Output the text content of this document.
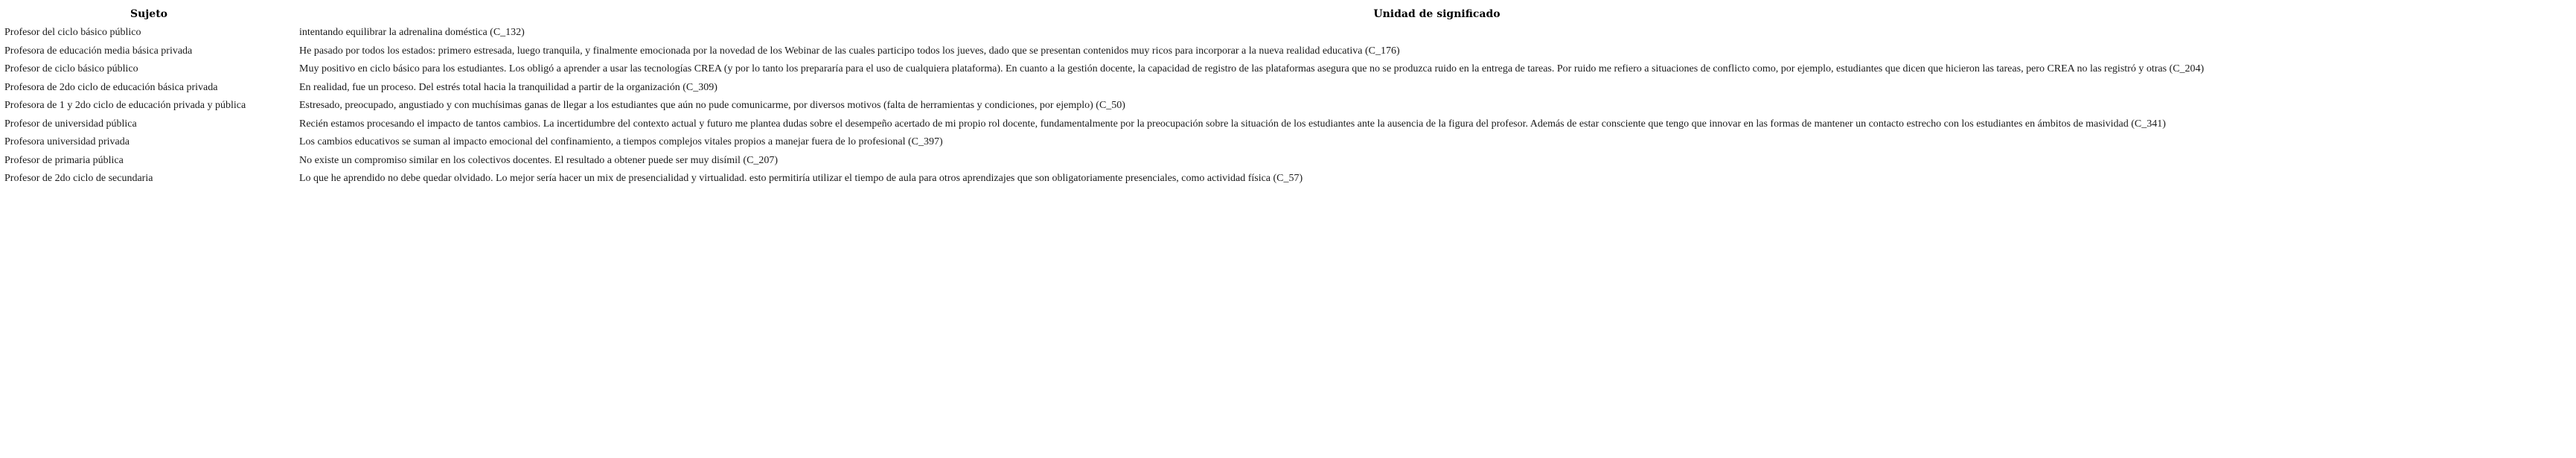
Sujeto	Unidad de significado
Profesor del ciclo básico público	intentando equilibrar la adrenalina doméstica (C_132)
Profesora de educación media básica privada	He pasado por todos los estados: primero estresada, luego tranquila, y finalmente emocionada por la novedad de los Webinar de las cuales participo todos los jueves, dado que se presentan contenidos muy ricos para incorporar a la nueva realidad educativa (C_176)
Profesor de ciclo básico público	Muy positivo en ciclo básico para los estudiantes. Los obligó a aprender a usar las tecnologías CREA (y por lo tanto los prepararía para el uso de cualquiera plataforma). En cuanto a la gestión docente, la capacidad de registro de las plataformas asegura que no se produzca ruido en la entrega de tareas. Por ruido me refiero a situaciones de conflicto como, por ejemplo, estudiantes que dicen que hicieron las tareas, pero CREA no las registró y otras (C_204)
Profesora de 2do ciclo de educación básica privada	En realidad, fue un proceso. Del estrés total hacia la tranquilidad a partir de la organización (C_309)
Profesora de 1 y 2do ciclo de educación privada y pública	Estresado, preocupado, angustiado y con muchísimas ganas de llegar a los estudiantes que aún no pude comunicarme, por diversos motivos (falta de herramientas y condiciones, por ejemplo) (C_50)
Profesor de universidad pública	Recién estamos procesando el impacto de tantos cambios. La incertidumbre del contexto actual y futuro me plantea dudas sobre el desempeño acertado de mi propio rol docente, fundamentalmente por la preocupación sobre la situación de los estudiantes ante la ausencia de la figura del profesor. Además de estar consciente que tengo que innovar en las formas de mantener un contacto estrecho con los estudiantes en ámbitos de masividad (C_341)
Profesora universidad privada	Los cambios educativos se suman al impacto emocional del confinamiento, a tiempos complejos vitales propios a manejar fuera de lo profesional (C_397)
Profesor de primaria pública	No existe un compromiso similar en los colectivos docentes. El resultado a obtener puede ser muy disímil (C_207)
Profesor de 2do ciclo de secundaria	Lo que he aprendido no debe quedar olvidado. Lo mejor sería hacer un mix de presencialidad y virtualidad. esto permitiría utilizar el tiempo de aula para otros aprendizajes que son obligatoriamente presenciales, como actividad física (C_57)
